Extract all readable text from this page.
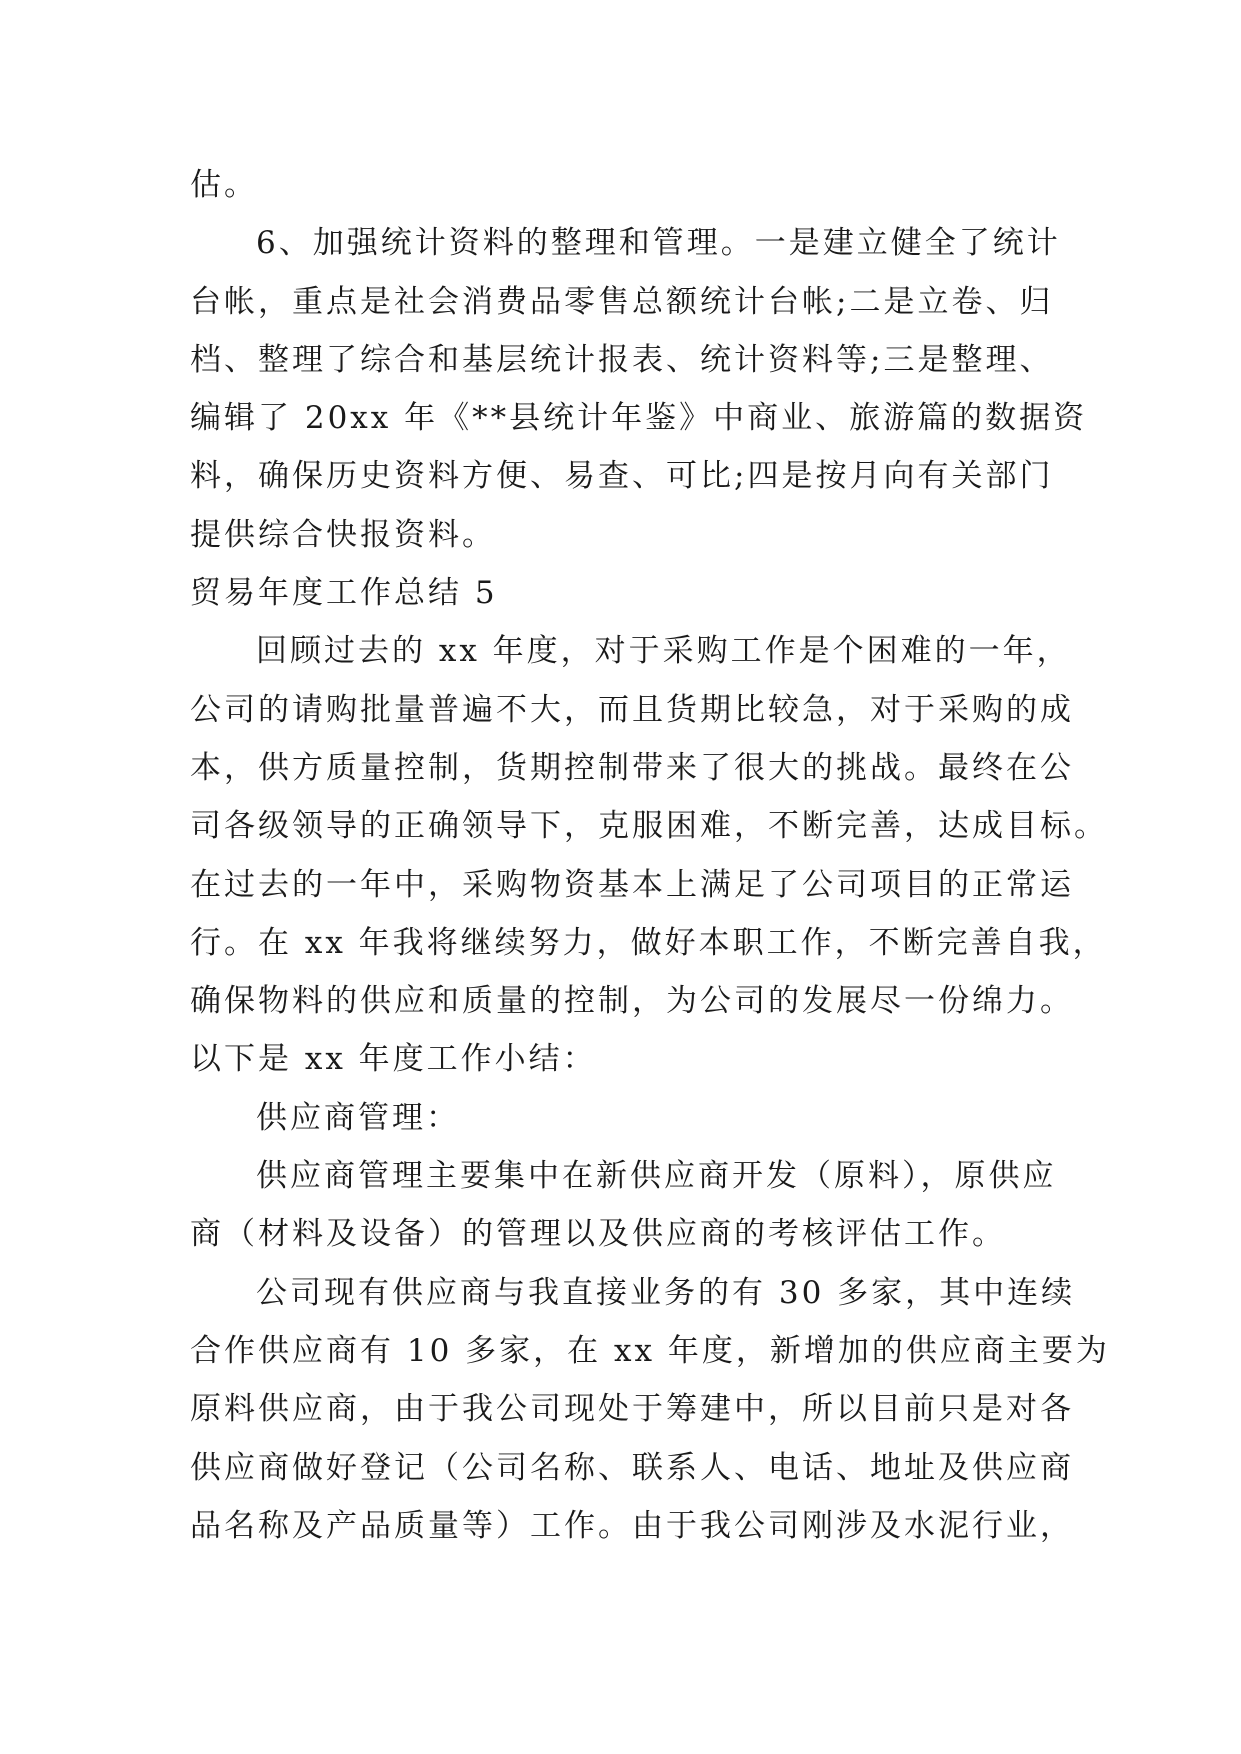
估。
6、加强统计资料的整理和管理。一是建立健全了统计
台帐，重点是社会消费品零售总额统计台帐;二是立卷、归
档、整理了综合和基层统计报表、统计资料等;三是整理、
编辑了 20xx 年《**县统计年鉴》中商业、旅游篇的数据资
料，确保历史资料方便、易查、可比;四是按月向有关部门
提供综合快报资料。
贸易年度工作总结 5
回顾过去的 xx 年度，对于采购工作是个困难的一年，
公司的请购批量普遍不大，而且货期比较急，对于采购的成
本，供方质量控制，货期控制带来了很大的挑战。最终在公
司各级领导的正确领导下，克服困难，不断完善，达成目标。
在过去的一年中，采购物资基本上满足了公司项目的正常运
行。在 xx 年我将继续努力，做好本职工作，不断完善自我，
确保物料的供应和质量的控制，为公司的发展尽一份绵力。
以下是 xx 年度工作小结：
供应商管理：
供应商管理主要集中在新供应商开发（原料），原供应
商（材料及设备）的管理以及供应商的考核评估工作。
公司现有供应商与我直接业务的有 30 多家，其中连续
合作供应商有 10 多家，在 xx 年度，新增加的供应商主要为
原料供应商，由于我公司现处于筹建中，所以目前只是对各
供应商做好登记（公司名称、联系人、电话、地址及供应商
品名称及产品质量等）工作。由于我公司刚涉及水泥行业，
